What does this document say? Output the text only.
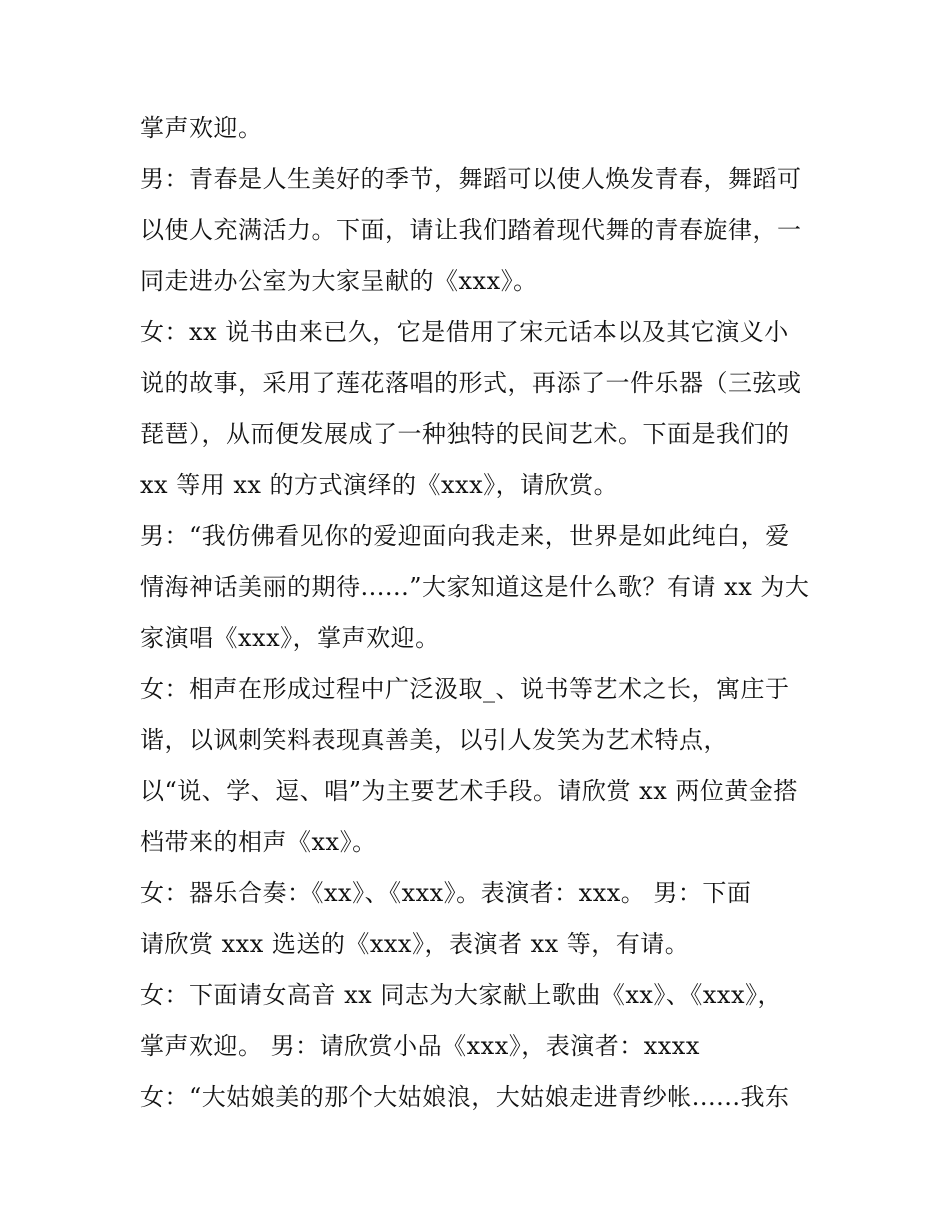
掌声欢迎。
男：青春是人生美好的季节，舞蹈可以使人焕发青春，舞蹈可
以使人充满活力。下面，请让我们踏着现代舞的青春旋律，一
同走进办公室为大家呈献的《xxx》。
女：xx 说书由来已久，它是借用了宋元话本以及其它演义小
说的故事，采用了莲花落唱的形式，再添了一件乐器（三弦或
琵琶），从而便发展成了一种独特的民间艺术。下面是我们的
xx 等用 xx 的方式演绎的《xxx》，请欣赏。
男：“我仿佛看见你的爱迎面向我走来，世界是如此纯白，爱
情海神话美丽的期待......”大家知道这是什么歌？有请 xx 为大
家演唱《xxx》，掌声欢迎。
女：相声在形成过程中广泛汲取_、说书等艺术之长，寓庄于
谐，以讽刺笑料表现真善美，以引人发笑为艺术特点，
以“说、学、逗、唱”为主要艺术手段。请欣赏 xx 两位黄金搭
档带来的相声《xx》。
女：器乐合奏：《xx》、《xxx》。表演者：xxx。 男：下面
请欣赏 xxx 选送的《xxx》，表演者 xx 等，有请。
女：下面请女高音 xx 同志为大家献上歌曲《xx》、《xxx》，
掌声欢迎。 男：请欣赏小品《xxx》，表演者：xxxx
女：“大姑娘美的那个大姑娘浪，大姑娘走进青纱帐......我东
